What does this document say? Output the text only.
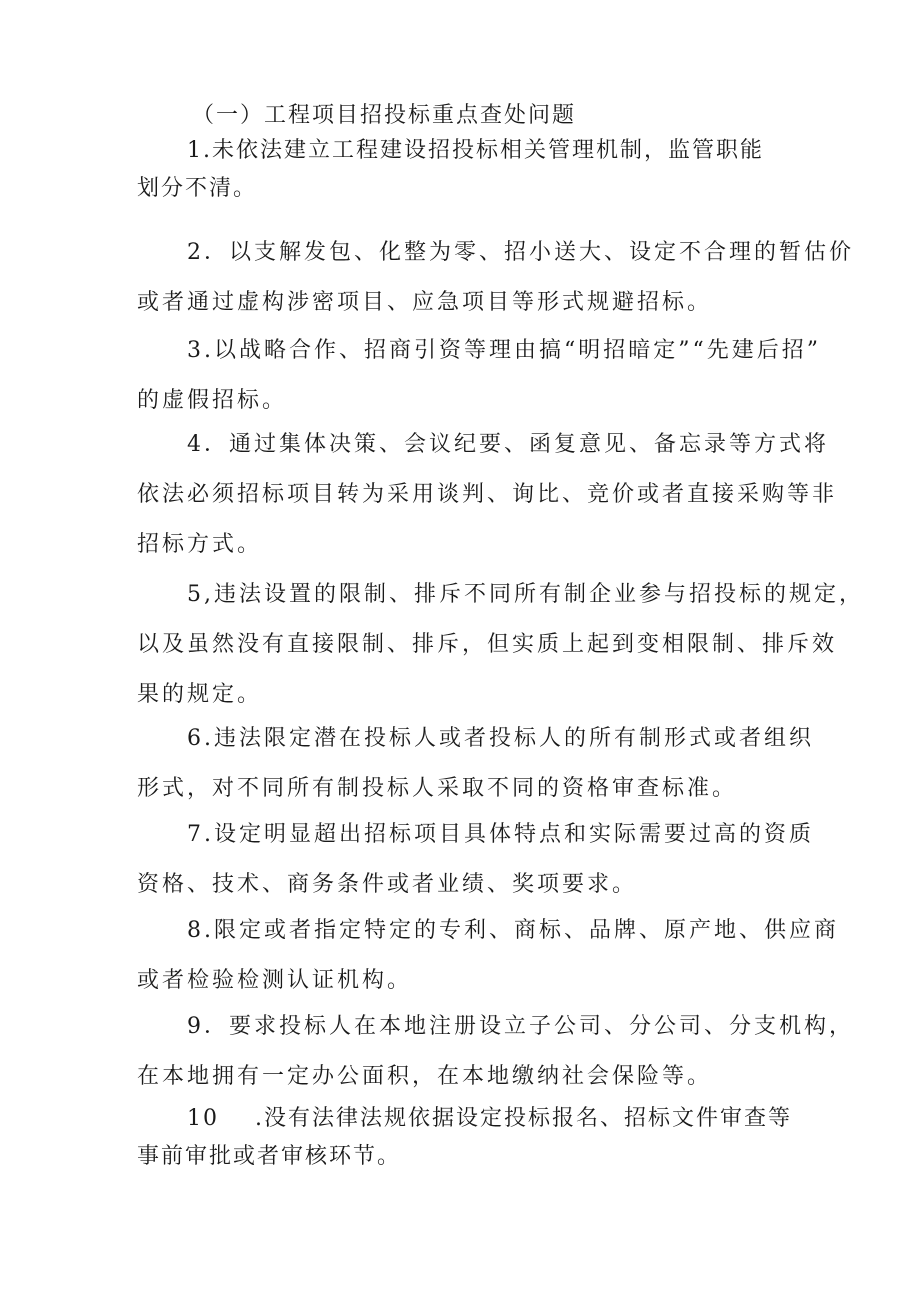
（一）工程项目招投标重点查处问题
1.未依法建立工程建设招投标相关管理机制，监管职能
划分不清。
2．以支解发包、化整为零、招小送大、设定不合理的暂估价
或者通过虚构涉密项目、应急项目等形式规避招标。
3.以战略合作、招商引资等理由搞“明招暗定”“先建后招”
的虚假招标。
4．通过集体决策、会议纪要、函复意见、备忘录等方式将
依法必须招标项目转为采用谈判、询比、竞价或者直接采购等非
招标方式。
5,违法设置的限制、排斥不同所有制企业参与招投标的规定，
以及虽然没有直接限制、排斥，但实质上起到变相限制、排斥效
果的规定。
6.违法限定潜在投标人或者投标人的所有制形式或者组织
形式，对不同所有制投标人采取不同的资格审查标准。
7.设定明显超出招标项目具体特点和实际需要过高的资质
资格、技术、商务条件或者业绩、奖项要求。
8.限定或者指定特定的专利、商标、品牌、原产地、供应商
或者检验检测认证机构。
9．要求投标人在本地注册设立子公司、分公司、分支机构，
在本地拥有一定办公面积，在本地缴纳社会保险等。
10    .没有法律法规依据设定投标报名、招标文件审查等
事前审批或者审核环节。
